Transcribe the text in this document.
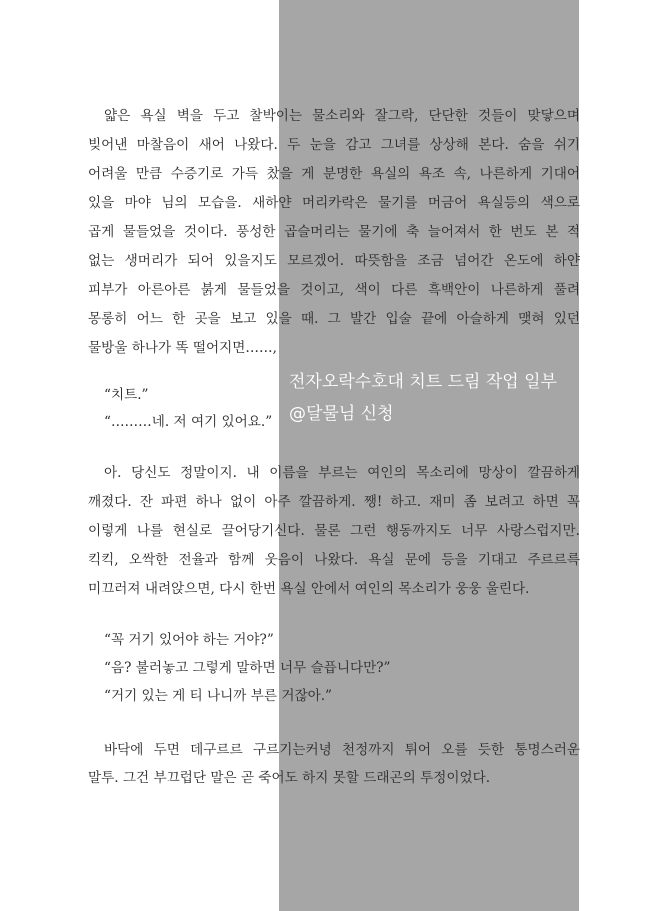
얇은 욕실 벽을 두고 찰박이는 물소리와 잘그락, 단단한 것들이 맞닿으며
빚어낸 마찰음이 새어 나왔다. 두 눈을 감고 그녀를 상상해 본다. 숨을 쉬기
어려울 만큼 수증기로 가득 찼을 게 분명한 욕실의 욕조 속, 나른하게 기대어
있을 마야 님의 모습을. 새하얀 머리카락은 물기를 머금어 욕실등의 색으로
곱게 물들었을 것이다. 풍성한 곱슬머리는 물기에 축 늘어져서 한 번도 본 적
없는 생머리가 되어 있을지도 모르겠어. 따뜻함을 조금 넘어간 온도에 하얀
피부가 아른아른 붉게 물들었을 것이고, 색이 다른 흑백안이 나른하게 풀려
몽롱히 어느 한 곳을 보고 있을 때. 그 발간 입술 끝에 아슬하게 맺혀 있던
물방울 하나가 똑 떨어지면……,
“치트.”
“………네. 저 여기 있어요.”
아. 당신도 정말이지. 내 이름을 부르는 여인의 목소리에 망상이 깔끔하게
깨졌다. 잔 파편 하나 없이 아주 깔끔하게. 쨍! 하고. 재미 좀 보려고 하면 꼭
이렇게 나를 현실로 끌어당기신다. 물론 그런 행동까지도 너무 사랑스럽지만.
킥킥, 오싹한 전율과 함께 웃음이 나왔다. 욕실 문에 등을 기대고 주르르륵
미끄러져 내려앉으면, 다시 한번 욕실 안에서 여인의 목소리가 웅웅 울린다.
“꼭 거기 있어야 하는 거야?”
“음? 불러놓고 그렇게 말하면 너무 슬픕니다만?”
“거기 있는 게 티 나니까 부른 거잖아.”
바닥에 두면 데구르르 구르기는커녕 천정까지 튀어 오를 듯한 통명스러운
말투. 그건 부끄럽단 말은 곧 죽어도 하지 못할 드래곤의 투정이었다.
전자오락수호대 치트 드림 작업 일부
@달물님 신청
